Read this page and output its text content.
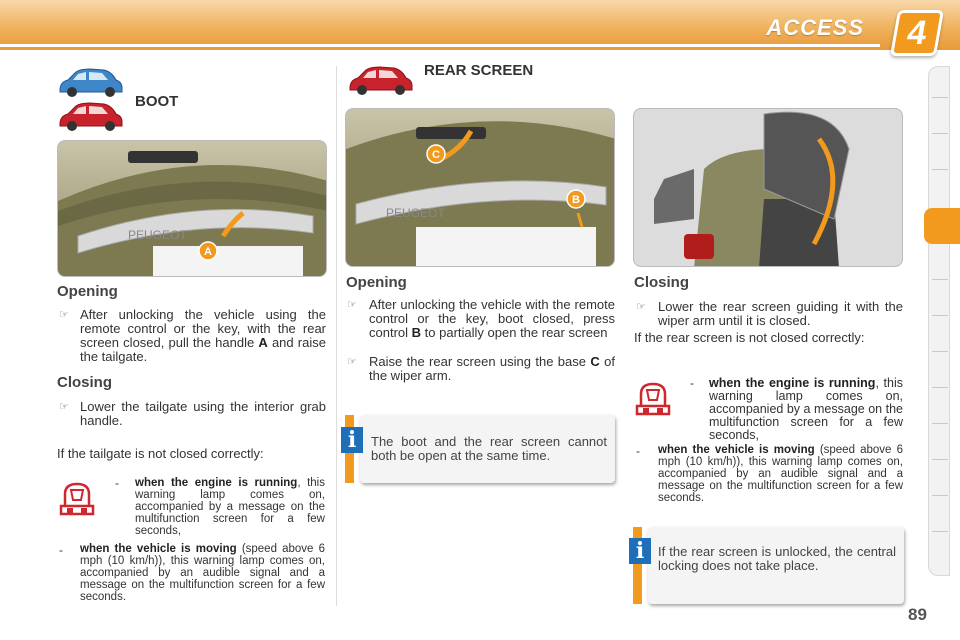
ACCESS	4
BOOT
PEUGEOT
A
Opening
☞ After unlocking the vehicle using the remote control or the key, with the rear screen closed, pull the handle A and raise the tailgate.
Closing
☞ Lower the tailgate using the interior grab handle.
If the tailgate is not closed correctly:
- when the engine is running, this warning lamp comes on, accompanied by a message on the multifunction screen for a few seconds,
- when the vehicle is moving (speed above 6 mph (10 km/h)), this warning lamp comes on, accompanied by an audible signal and a message on the multifunction screen for a few seconds.
REAR SCREEN
PEUGEOT
C
B
Opening
☞ After unlocking the vehicle with the remote control or the key, boot closed, press control B to partially open the rear screen
☞ Raise the rear screen using the base C of the wiper arm.
The boot and the rear screen cannot both be open at the same time.
i
Closing
☞ Lower the rear screen guiding it with the wiper arm until it is closed.
If the rear screen is not closed correctly:
- when the engine is running, this warning lamp comes on, accompanied by a message on the multifunction screen for a few seconds,
- when the vehicle is moving (speed above 6 mph (10 km/h)), this warning lamp comes on, accompanied by an audible signal and a message on the multifunction screen for a few seconds.
If the rear screen is unlocked, the central locking does not take place.
i
89
